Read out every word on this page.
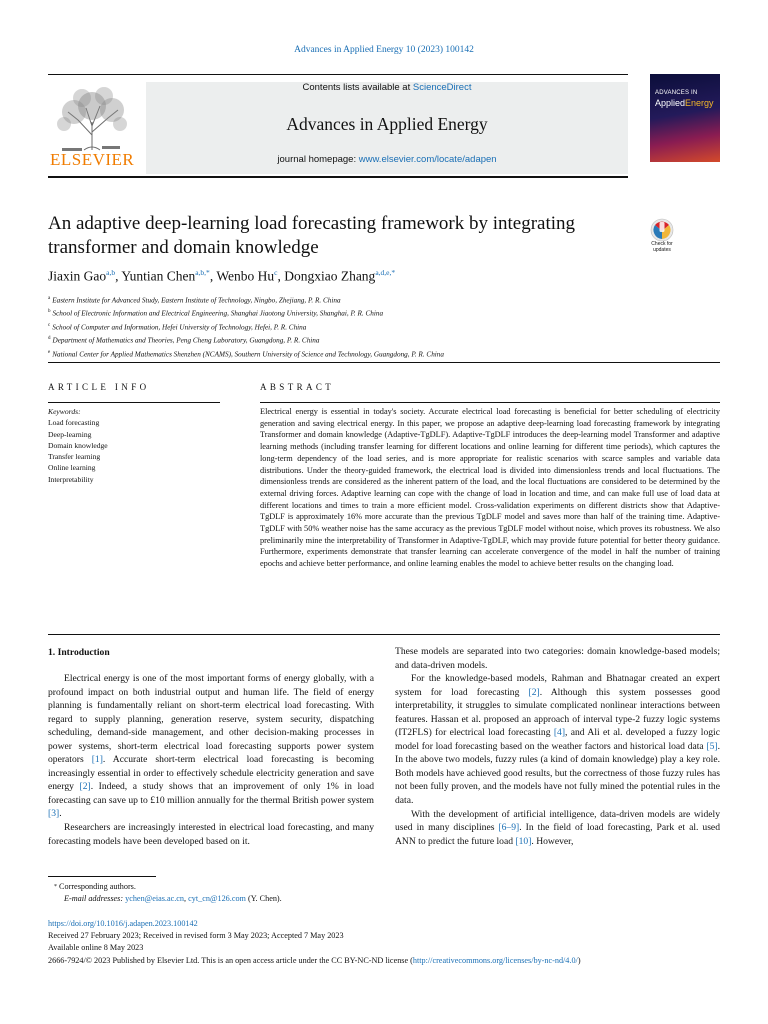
Advances in Applied Energy 10 (2023) 100142
ELSEVIER
Contents lists available at ScienceDirect
Advances in Applied Energy
journal homepage: www.elsevier.com/locate/adapen
ADVANCES IN
AppliedEnergy
An adaptive deep-learning load forecasting framework by integrating transformer and domain knowledge	Check for
updates
Jiaxin Gao$^{a,b}$, Yuntian Chen$^{a,b,*}$, Wenbo Hu$^c$, Dongxiao Zhang$^{a,d,e,*}$
$^a$ Eastern Institute for Advanced Study, Eastern Institute of Technology, Ningbo, Zhejiang, P. R. China
$^b$ School of Electronic Information and Electrical Engineering, Shanghai Jiaotong University, Shanghai, P. R. China
$^c$ School of Computer and Information, Hefei University of Technology, Hefei, P. R. China
$^d$ Department of Mathematics and Theories, Peng Cheng Laboratory, Guangdong, P. R. China
$^e$ National Center for Applied Mathematics Shenzhen (NCAMS), Southern University of Science and Technology, Guangdong, P. R. China
ARTICLE INFO
Keywords:
Load forecasting
Deep-learning
Domain knowledge
Transfer learning
Online learning
Interpretability
ABSTRACT
Electrical energy is essential in today's society. Accurate electrical load forecasting is beneficial for better scheduling of electricity generation and saving electrical energy. In this paper, we propose an adaptive deep-learning load forecasting framework by integrating Transformer and domain knowledge (Adaptive-TgDLF). Adaptive-TgDLF introduces the deep-learning model Transformer and adaptive learning methods (including transfer learning for different locations and online learning for different time periods), which captures the long-term dependency of the load series, and is more appropriate for realistic scenarios with scarce samples and variable data distributions. Under the theory-guided framework, the electrical load is divided into dimensionless trends and local fluctuations. The dimensionless trends are considered as the inherent pattern of the load, and the local fluctuations are considered to be determined by the external driving forces. Adaptive learning can cope with the change of load in location and time, and can make full use of load data at different locations and times to train a more efficient model. Cross-validation experiments on different districts show that Adaptive-TgDLF is approximately 16% more accurate than the previous TgDLF model and saves more than half of the training time. Adaptive-TgDLF with 50% weather noise has the same accuracy as the previous TgDLF model without noise, which proves its robustness. We also preliminarily mine the interpretability of Transformer in Adaptive-TgDLF, which may provide future potential for better theory guidance. Furthermore, experiments demonstrate that transfer learning can accelerate convergence of the model in half the number of training epochs and achieve better performance, and online learning enables the model to achieve better results on the changing load.
1. Introduction

Electrical energy is one of the most important forms of energy globally, with a profound impact on both industrial output and human life. The field of energy planning is fundamentally reliant on short-term electrical load forecasting. With regard to supply planning, generation reserve, system security, dispatching scheduling, demand-side management, and other decision-making processes in power systems, short-term electrical load forecasting supports power system operators [1]. Accurate short-term electrical load forecasting is becoming increasingly essential in order to effectively schedule electricity generation and save energy [2]. Indeed, a study shows that an improvement of only 1% in load forecasting can save up to £10 million annually for the thermal British power system [3].

Researchers are increasingly interested in electrical load forecasting, and many forecasting models have been developed based on it.

These models are separated into two categories: domain knowledge-based models; and data-driven models.

For the knowledge-based models, Rahman and Bhatnagar created an expert system for load forecasting [2]. Although this system possesses good interpretability, it struggles to simulate complicated nonlinear interactions between features. Hassan et al. proposed an approach of interval type-2 fuzzy logic systems (IT2FLS) for electrical load forecasting [4], and Ali et al. developed a fuzzy logic model for load forecasting based on the weather factors and historical load data [5]. In the above two models, fuzzy rules (a kind of domain knowledge) play a key role. Both models have achieved good results, but the correctness of those fuzzy rules has not been fully proven, and the models have not fully mined the potential rules in the data.

With the development of artificial intelligence, data-driven models are widely used in many disciplines [6–9]. In the field of load forecasting, Park et al. used ANN to predict the future load [10]. However,

* Corresponding authors.
E-mail addresses: ychen@eias.ac.cn, cyt_cn@126.com (Y. Chen).
https://doi.org/10.1016/j.adapen.2023.100142
Received 27 February 2023; Received in revised form 3 May 2023; Accepted 7 May 2023
Available online 8 May 2023
2666-7924/© 2023 Published by Elsevier Ltd. This is an open access article under the CC BY-NC-ND license (http://creativecommons.org/licenses/by-nc-nd/4.0/)
